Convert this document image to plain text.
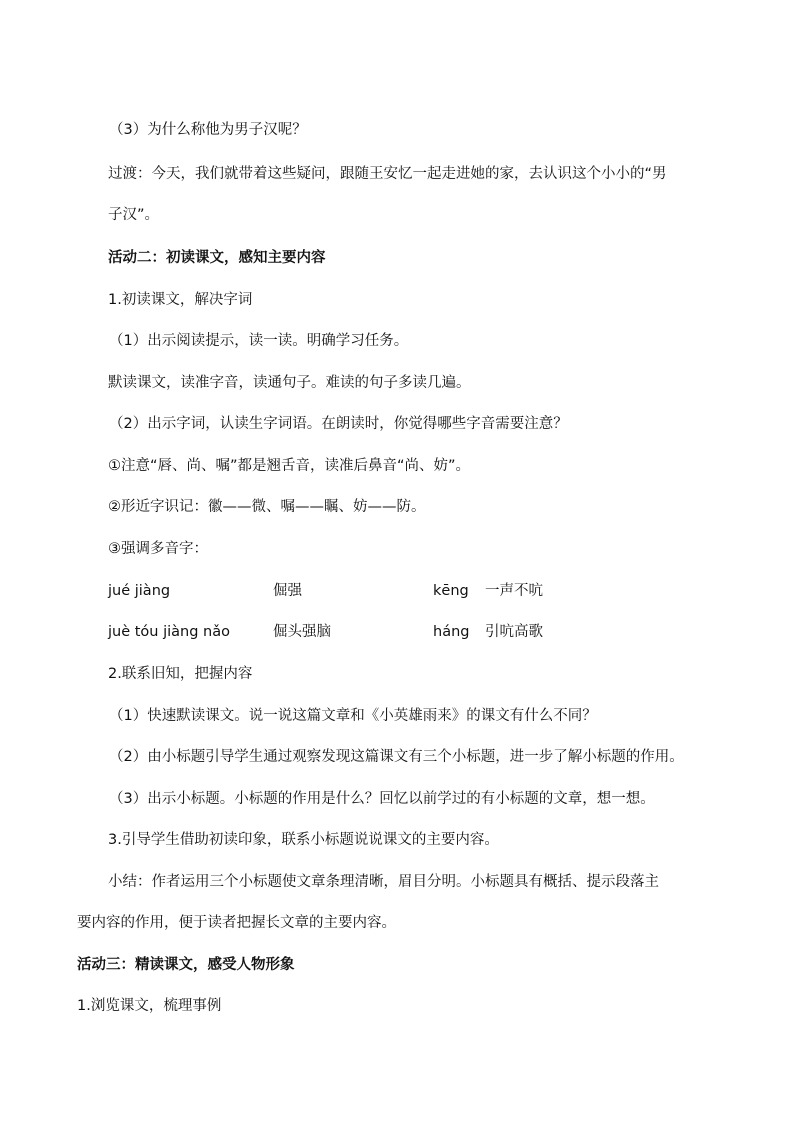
（3）为什么称他为男子汉呢？
过渡：今天，我们就带着这些疑问，跟随王安忆一起走进她的家，去认识这个小小的“男
子汉”。
活动二：初读课文，感知主要内容
1.初读课文，解决字词
（1）出示阅读提示，读一读。明确学习任务。
默读课文，读准字音，读通句子。难读的句子多读几遍。
（2）出示字词，认读生字词语。在朗读时，你觉得哪些字音需要注意？
①注意“唇、尚、嘱”都是翘舌音，读准后鼻音“尚、妨”。
②形近字识记：徽——微、嘱——瞩、妨——防。
③强调多音字：
jué jiàng	倔强	kēng 一声不吭
juè tóu jiàng nǎo	倔头强脑	háng 引吭高歌
2.联系旧知，把握内容
（1）快速默读课文。说一说这篇文章和《小英雄雨来》的课文有什么不同？
（2）由小标题引导学生通过观察发现这篇课文有三个小标题，进一步了解小标题的作用。
（3）出示小标题。小标题的作用是什么？回忆以前学过的有小标题的文章，想一想。
3.引导学生借助初读印象，联系小标题说说课文的主要内容。
小结：作者运用三个小标题使文章条理清晰，眉目分明。小标题具有概括、提示段落主
要内容的作用，便于读者把握长文章的主要内容。
活动三：精读课文，感受人物形象
1.浏览课文，梳理事例
